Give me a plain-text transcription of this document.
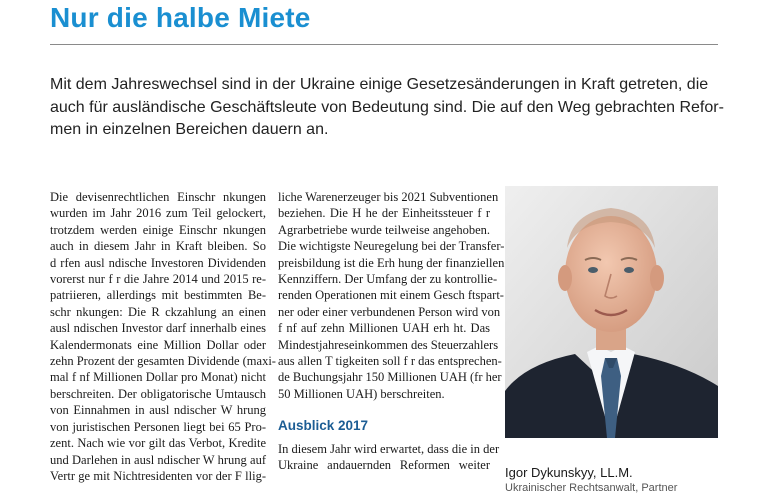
Nur die halbe Miete

Mit dem Jahreswechsel sind in der Ukraine einige Gesetzesänderungen in Kraft getreten, die
auch für ausländische Geschäftsleute von Bedeutung sind. Die auf den Weg gebrachten Refor-
men in einzelnen Bereichen dauern an.

Die devisenrechtlichen Einschr nkungen
wurden im Jahr 2016 zum Teil gelockert,
trotzdem werden einige Einschr nkungen
auch in diesem Jahr in Kraft bleiben. So
d rfen ausl ndische Investoren Dividenden
vorerst nur f r die Jahre 2014 und 2015 re-
patriieren, allerdings mit bestimmten Be-
schr nkungen: Die R ckzahlung an einen
ausl ndischen Investor darf innerhalb eines
Kalendermonats eine Million Dollar oder
zehn Prozent der gesamten Dividende (maxi-
mal f nf Millionen Dollar pro Monat) nicht
berschreiten. Der obligatorische Umtausch
von Einnahmen in ausl ndischer W hrung
von juristischen Personen liegt bei 65 Pro-
zent. Nach wie vor gilt das Verbot, Kredite
und Darlehen in ausl ndischer W hrung auf
Vertr ge mit Nichtresidenten vor der F llig-
liche Warenerzeuger bis 2021 Subventionen
beziehen. Die H he der Einheitssteuer f r
Agrarbetriebe wurde teilweise angehoben.
Die wichtigste Neuregelung bei der Transfer-
preisbildung ist die Erh hung der finanziellen
Kennziffern. Der Umfang der zu kontrollie-
renden Operationen mit einem Gesch ftspart-
ner oder einer verbundenen Person wird von
f nf auf zehn Millionen UAH erh ht. Das
Mindestjahreseinkommen des Steuerzahlers
aus allen T tigkeiten soll f r das entsprechen-
de Buchungsjahr 150 Millionen UAH (fr her
50 Millionen UAH) berschreiten.
Ausblick 2017
In diesem Jahr wird erwartet, dass die in der
Ukraine andauernden Reformen weiter Igor Dykunskyy, LL.M.
Ukrainischer Rechtsanwalt, Partner
